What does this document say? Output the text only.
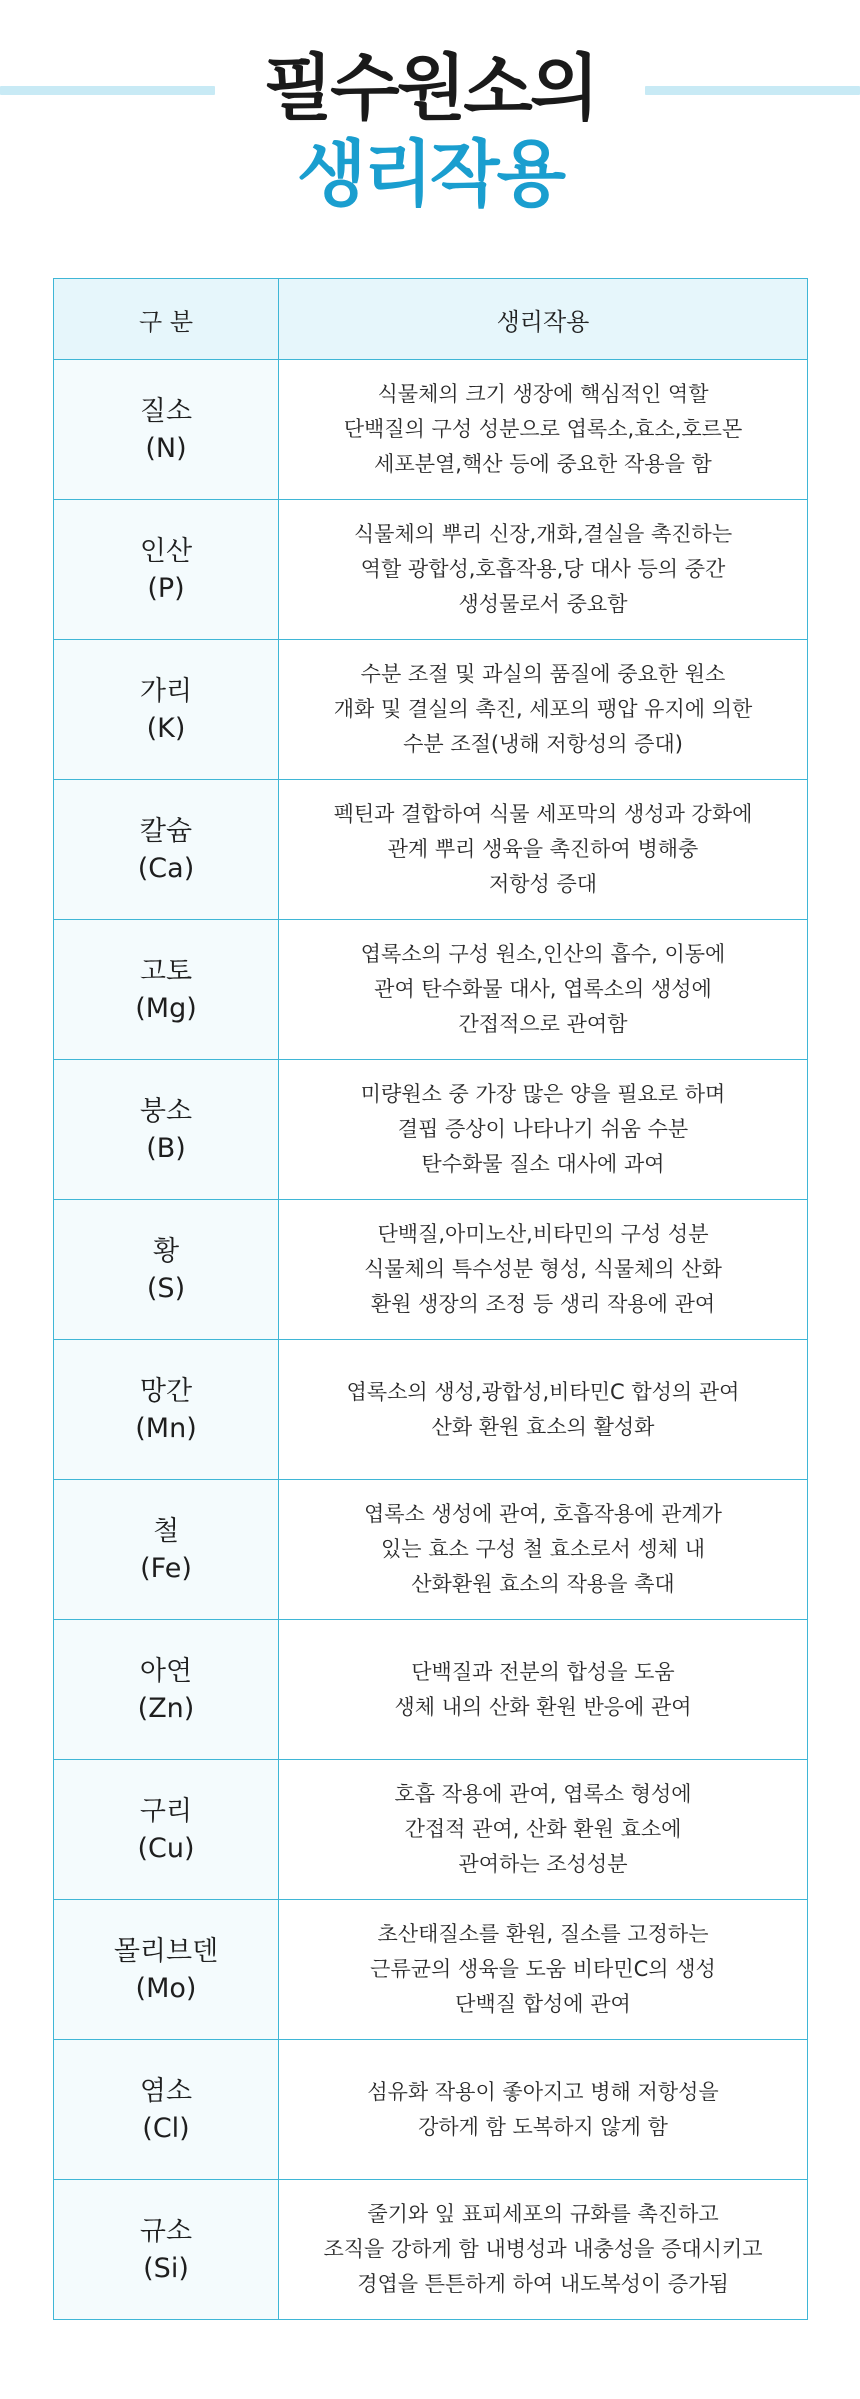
필수원소의
생리작용
구 분	생리작용

질소
(N)	식물체의 크기 생장에 핵심적인 역할
단백질의 구성 성분으로 엽록소,효소,호르몬
세포분열,핵산 등에 중요한 작용을 함

인산
(P)	식물체의 뿌리 신장,개화,결실을 촉진하는
역할 광합성,호흡작용,당 대사 등의 중간
생성물로서 중요함

가리
(K)	수분 조절 및 과실의 품질에 중요한 원소
개화 및 결실의 촉진, 세포의 팽압 유지에 의한
수분 조절(냉해 저항성의 증대)

칼슘
(Ca)	펙틴과 결합하여 식물 세포막의 생성과 강화에
관계 뿌리 생육을 촉진하여 병해충
저항성 증대

고토
(Mg)	엽록소의 구성 원소,인산의 흡수, 이동에
관여 탄수화물 대사, 엽록소의 생성에
간접적으로 관여함

붕소
(B)	미량원소 중 가장 많은 양을 필요로 하며
결핍 증상이 나타나기 쉬움 수분
탄수화물 질소 대사에 과여

황
(S)	단백질,아미노산,비타민의 구성 성분
식물체의 특수성분 형성, 식물체의 산화
환원 생장의 조정 등 생리 작용에 관여

망간
(Mn)	엽록소의 생성,광합성,비타민C 합성의 관여
산화 환원 효소의 활성화

철
(Fe)	엽록소 생성에 관여, 호흡작용에 관계가
있는 효소 구성 철 효소로서 셍체 내
산화환원 효소의 작용을 촉대

아연
(Zn)	단백질과 전분의 합성을 도움
생체 내의 산화 환원 반응에 관여

구리
(Cu)	호흡 작용에 관여, 엽록소 형성에
간접적 관여, 산화 환원 효소에
관여하는 조성성분

몰리브덴
(Mo)	초산태질소를 환원, 질소를 고정하는
근류균의 생육을 도움 비타민C의 생성
단백질 합성에 관여

염소
(Cl)	섬유화 작용이 좋아지고 병해 저항성을
강하게 함 도복하지 않게 함

규소
(Si)	줄기와 잎 표피세포의 규화를 촉진하고
조직을 강하게 함 내병성과 내충성을 증대시키고
경엽을 튼튼하게 하여 내도복성이 증가됨
